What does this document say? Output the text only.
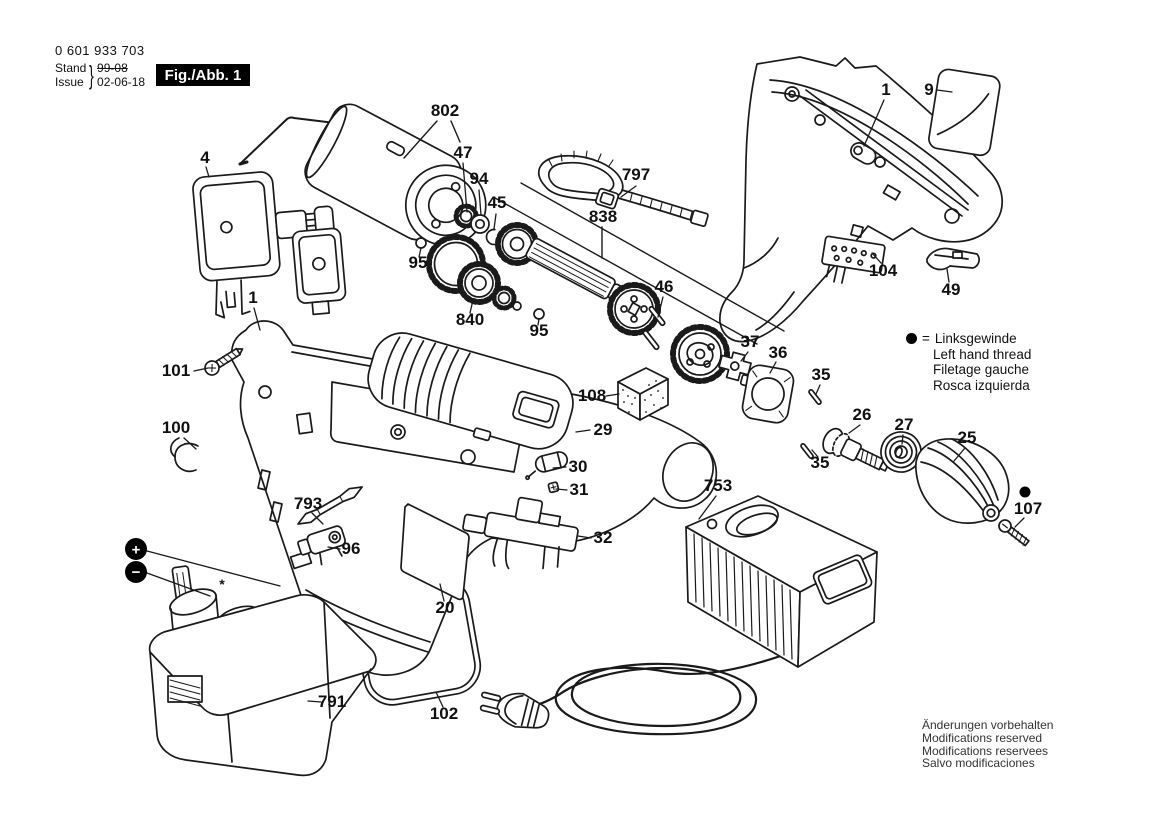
0 601 933 703
Stand
Issue } 99-08
02-06-18	Fig./Abb. 1
= Linksgewinde
Left hand thread
Filetage gauche
Rosca izquierda
Änderungen vorbehalten
Modifications reserved
Modifications reservees
Salvo modificaciones
+
−
*
802
47
94
45
4
797
838
95
840
95
46
1
37
36
101
108
35
26
27
25
100	29
30
31
35
793
96
32
753
107
20
791
102
1 9
104
49
